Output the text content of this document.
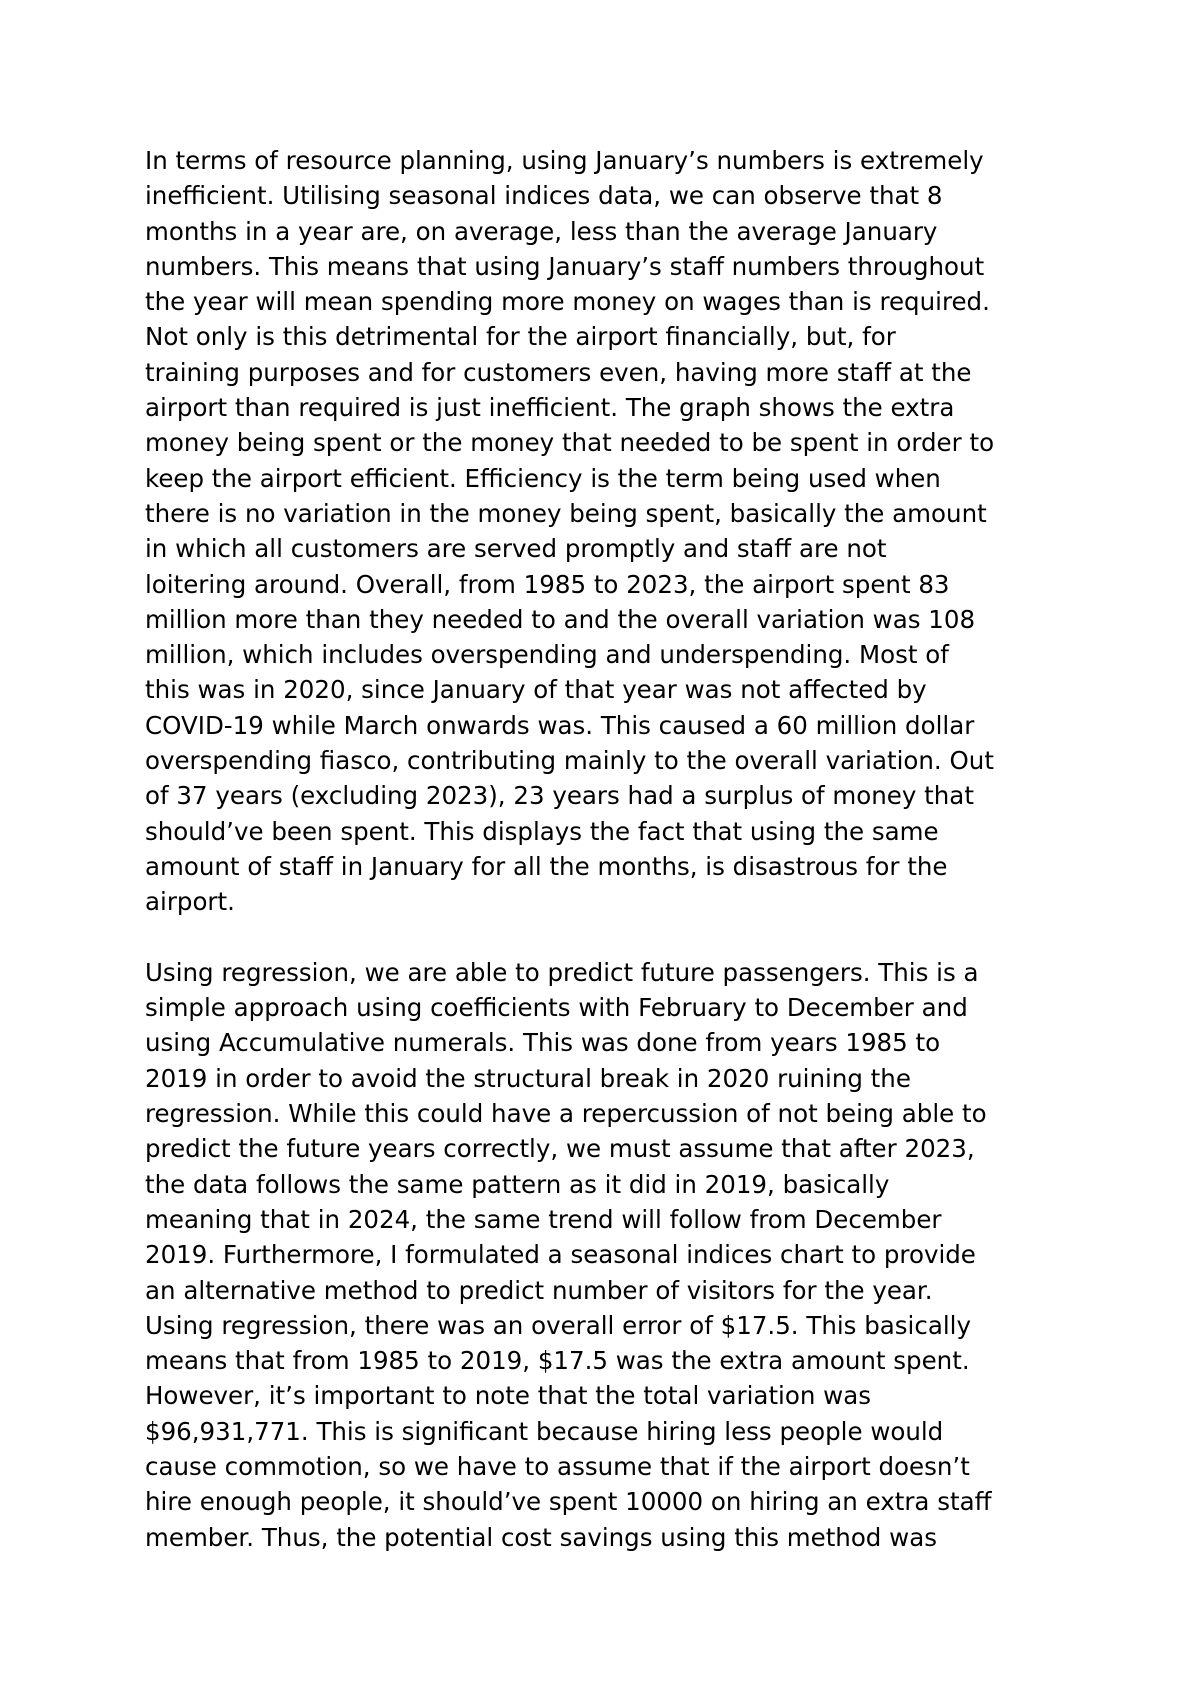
In terms of resource planning, using January’s numbers is extremely
inefficient. Utilising seasonal indices data, we can observe that 8
months in a year are, on average, less than the average January
numbers. This means that using January’s staff numbers throughout
the year will mean spending more money on wages than is required.
Not only is this detrimental for the airport financially, but, for
training purposes and for customers even, having more staff at the
airport than required is just inefficient. The graph shows the extra
money being spent or the money that needed to be spent in order to
keep the airport efficient. Efficiency is the term being used when
there is no variation in the money being spent, basically the amount
in which all customers are served promptly and staff are not
loitering around. Overall, from 1985 to 2023, the airport spent 83
million more than they needed to and the overall variation was 108
million, which includes overspending and underspending. Most of
this was in 2020, since January of that year was not affected by
COVID-19 while March onwards was. This caused a 60 million dollar
overspending fiasco, contributing mainly to the overall variation. Out
of 37 years (excluding 2023), 23 years had a surplus of money that
should’ve been spent. This displays the fact that using the same
amount of staff in January for all the months, is disastrous for the
airport.

Using regression, we are able to predict future passengers. This is a
simple approach using coefficients with February to December and
using Accumulative numerals. This was done from years 1985 to
2019 in order to avoid the structural break in 2020 ruining the
regression. While this could have a repercussion of not being able to
predict the future years correctly, we must assume that after 2023,
the data follows the same pattern as it did in 2019, basically
meaning that in 2024, the same trend will follow from December
2019. Furthermore, I formulated a seasonal indices chart to provide
an alternative method to predict number of visitors for the year.
Using regression, there was an overall error of $17.5. This basically
means that from 1985 to 2019, $17.5 was the extra amount spent.
However, it’s important to note that the total variation was
$96,931,771. This is significant because hiring less people would
cause commotion, so we have to assume that if the airport doesn’t
hire enough people, it should’ve spent 10000 on hiring an extra staff
member. Thus, the potential cost savings using this method was
